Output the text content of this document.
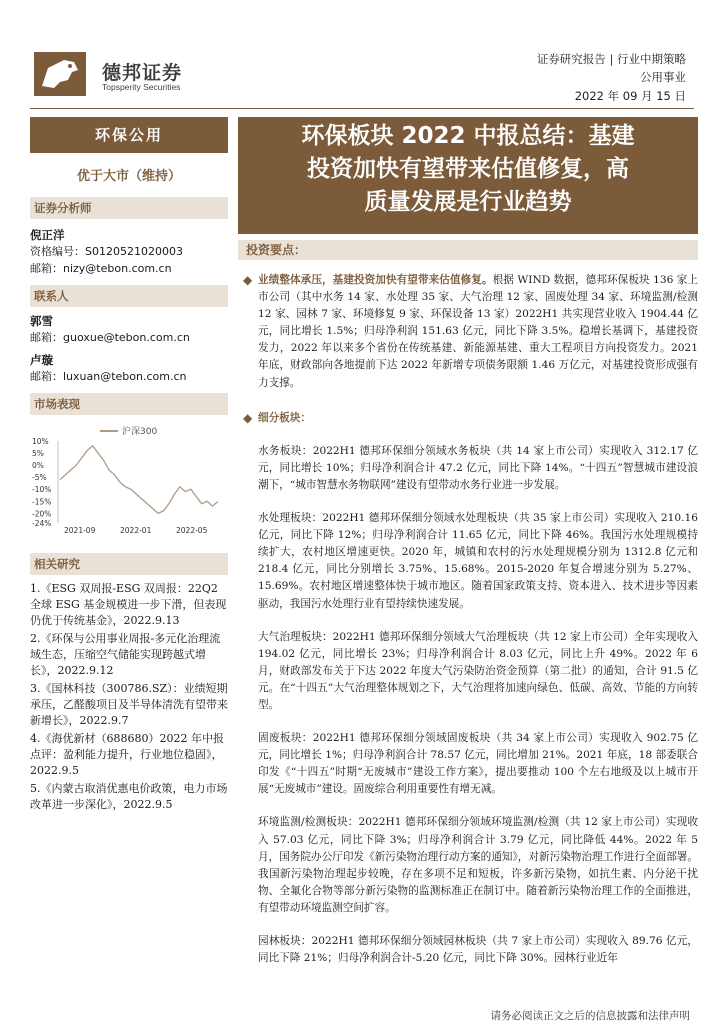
德邦证券
Topsperity Securities
证券研究报告 | 行业中期策略
公用事业
2022 年 09 月 15 日
环保公用
优于大市（维持）
证券分析师
倪正洋
资格编号：S0120521020003
邮箱：nizy@tebon.com.cn
联系人
郭雪
邮箱：guoxue@tebon.com.cn
卢璇
邮箱：luxuan@tebon.com.cn
市场表现
沪深300
10%
5%
0%
-5%
-10%
-15%
-20%
-24%
2021-09	2022-01	2022-05
相关研究
1.《ESG 双周报-ESG 双周报：22Q2 全球 ESG 基金规模进一步下滑，但表现仍优于传统基金》，2022.9.13
2.《环保与公用事业周报-多元化治理流域生态，压缩空气储能实现跨越式增长》，2022.9.12
3.《国林科技（300786.SZ）：业绩短期承压，乙醛酸项目及半导体清洗有望带来新增长》，2022.9.7
4.《海优新材（688680）2022 年中报点评：盈利能力提升，行业地位稳固》，2022.9.5
5.《内蒙古取消优惠电价政策，电力市场改革进一步深化》，2022.9.5
环保板块 2022 中报总结：基建
投资加快有望带来估值修复，高
质量发展是行业趋势
投资要点：
◆ 业绩整体承压，基建投资加快有望带来估值修复。根据 WIND 数据，德邦环保板块 136 家上市公司（其中水务 14 家、水处理 35 家、大气治理 12 家、固废处理 34 家、环境监测/检测 12 家、园林 7 家、环境修复 9 家、环保设备 13 家）2022H1 共实现营业收入 1904.44 亿元，同比增长 1.5%；归母净利润 151.63 亿元，同比下降 3.5%。稳增长基调下，基建投资发力，2022 年以来多个省份在传统基建、新能源基建、重大工程项目方向投资发力。2021 年底，财政部向各地提前下达 2022 年新增专项债务限额 1.46 万亿元，对基建投资形成强有力支撑。
◆ 细分板块：
水务板块：2022H1 德邦环保细分领域水务板块（共 14 家上市公司）实现收入 312.17 亿元，同比增长 10%；归母净利润合计 47.2 亿元，同比下降 14%。“十四五”智慧城市建设浪潮下，“城市智慧水务物联网”建设有望带动水务行业进一步发展。
水处理板块：2022H1 德邦环保细分领域水处理板块（共 35 家上市公司）实现收入 210.16 亿元，同比下降 12%；归母净利润合计 11.65 亿元，同比下降 46%。我国污水处理规模持续扩大，农村地区增速更快。2020 年，城镇和农村的污水处理规模分别为 1312.8 亿元和 218.4 亿元，同比分别增长 3.75%、15.68%。2015-2020 年复合增速分别为 5.27%、15.69%。农村地区增速整体快于城市地区。随着国家政策支持、资本进入、技术进步等因素驱动，我国污水处理行业有望持续快速发展。
大气治理板块：2022H1 德邦环保细分领域大气治理板块（共 12 家上市公司）全年实现收入 194.02 亿元，同比增长 23%；归母净利润合计 8.03 亿元，同比上升 49%。2022 年 6 月，财政部发布关于下达 2022 年度大气污染防治资金预算（第二批）的通知，合计 91.5 亿元。在“十四五”大气治理整体规划之下，大气治理将加速向绿色、低碳、高效、节能的方向转型。
固废板块：2022H1 德邦环保细分领域固废板块（共 34 家上市公司）实现收入 902.75 亿元，同比增长 1%；归母净利润合计 78.57 亿元，同比增加 21%。2021 年底，18 部委联合印发《“十四五”时期“无废城市”建设工作方案》，提出要推动 100 个左右地级及以上城市开展“无废城市”建设。固废综合利用重要性有增无减。
环境监测/检测板块：2022H1 德邦环保细分领域环境监测/检测（共 12 家上市公司）实现收入 57.03 亿元，同比下降 3%；归母净利润合计 3.79 亿元，同比降低 44%。2022 年 5 月，国务院办公厅印发《新污染物治理行动方案的通知》，对新污染物治理工作进行全面部署。我国新污染物治理起步较晚，存在多项不足和短板，许多新污染物，如抗生素、内分泌干扰物、全氟化合物等部分新污染物的监测标准正在制订中。随着新污染物治理工作的全面推进，有望带动环境监测空间扩容。
园林板块：2022H1 德邦环保细分领域园林板块（共 7 家上市公司）实现收入 89.76 亿元，同比下降 21%；归母净利润合计-5.20 亿元，同比下降 30%。园林行业近年
请务必阅读正文之后的信息披露和法律声明
